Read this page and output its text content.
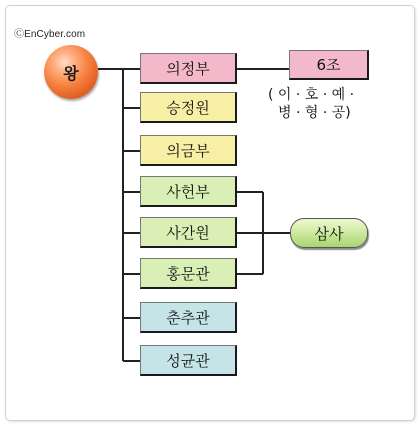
ⒸEnCyber.com
왕	의정부
승정원
의금부
사헌부
사간원
홍문관
춘추관
성균관
6조
( 이 · 호 · 예 ·
병 · 형 · 공)
삼사
